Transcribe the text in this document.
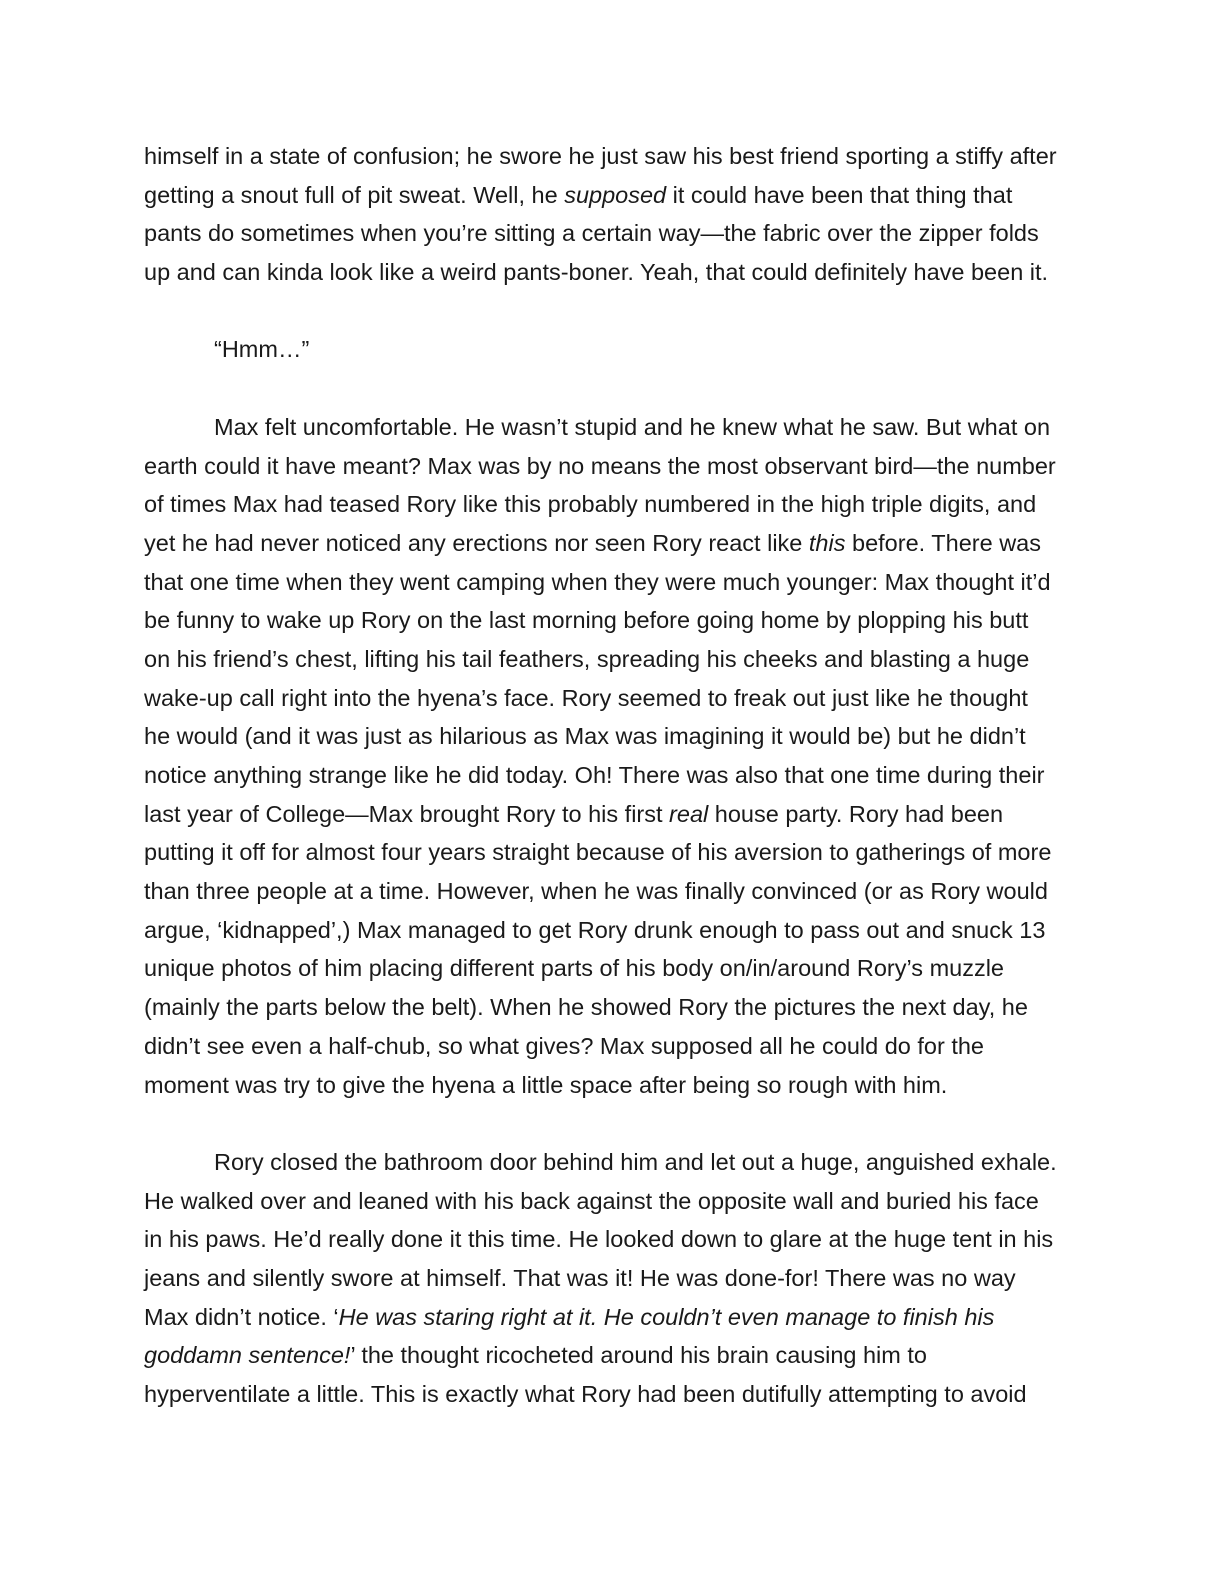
himself in a state of confusion; he swore he just saw his best friend sporting a stiffy after
getting a snout full of pit sweat. Well, he supposed it could have been that thing that
pants do sometimes when you’re sitting a certain way—the fabric over the zipper folds
up and can kinda look like a weird pants-boner. Yeah, that could definitely have been it.
“Hmm…”
Max felt uncomfortable. He wasn’t stupid and he knew what he saw. But what on
earth could it have meant? Max was by no means the most observant bird—the number
of times Max had teased Rory like this probably numbered in the high triple digits, and
yet he had never noticed any erections nor seen Rory react like this before. There was
that one time when they went camping when they were much younger: Max thought it’d
be funny to wake up Rory on the last morning before going home by plopping his butt
on his friend’s chest, lifting his tail feathers, spreading his cheeks and blasting a huge
wake-up call right into the hyena’s face. Rory seemed to freak out just like he thought
he would (and it was just as hilarious as Max was imagining it would be) but he didn’t
notice anything strange like he did today. Oh! There was also that one time during their
last year of College—Max brought Rory to his first real house party. Rory had been
putting it off for almost four years straight because of his aversion to gatherings of more
than three people at a time. However, when he was finally convinced (or as Rory would
argue, ‘kidnapped’,) Max managed to get Rory drunk enough to pass out and snuck 13
unique photos of him placing different parts of his body on/in/around Rory’s muzzle
(mainly the parts below the belt). When he showed Rory the pictures the next day, he
didn’t see even a half-chub, so what gives? Max supposed all he could do for the
moment was try to give the hyena a little space after being so rough with him.
Rory closed the bathroom door behind him and let out a huge, anguished exhale.
He walked over and leaned with his back against the opposite wall and buried his face
in his paws. He’d really done it this time. He looked down to glare at the huge tent in his
jeans and silently swore at himself. That was it! He was done-for! There was no way
Max didn’t notice. ‘He was staring right at it. He couldn’t even manage to finish his
goddamn sentence!’ the thought ricocheted around his brain causing him to
hyperventilate a little. This is exactly what Rory had been dutifully attempting to avoid
